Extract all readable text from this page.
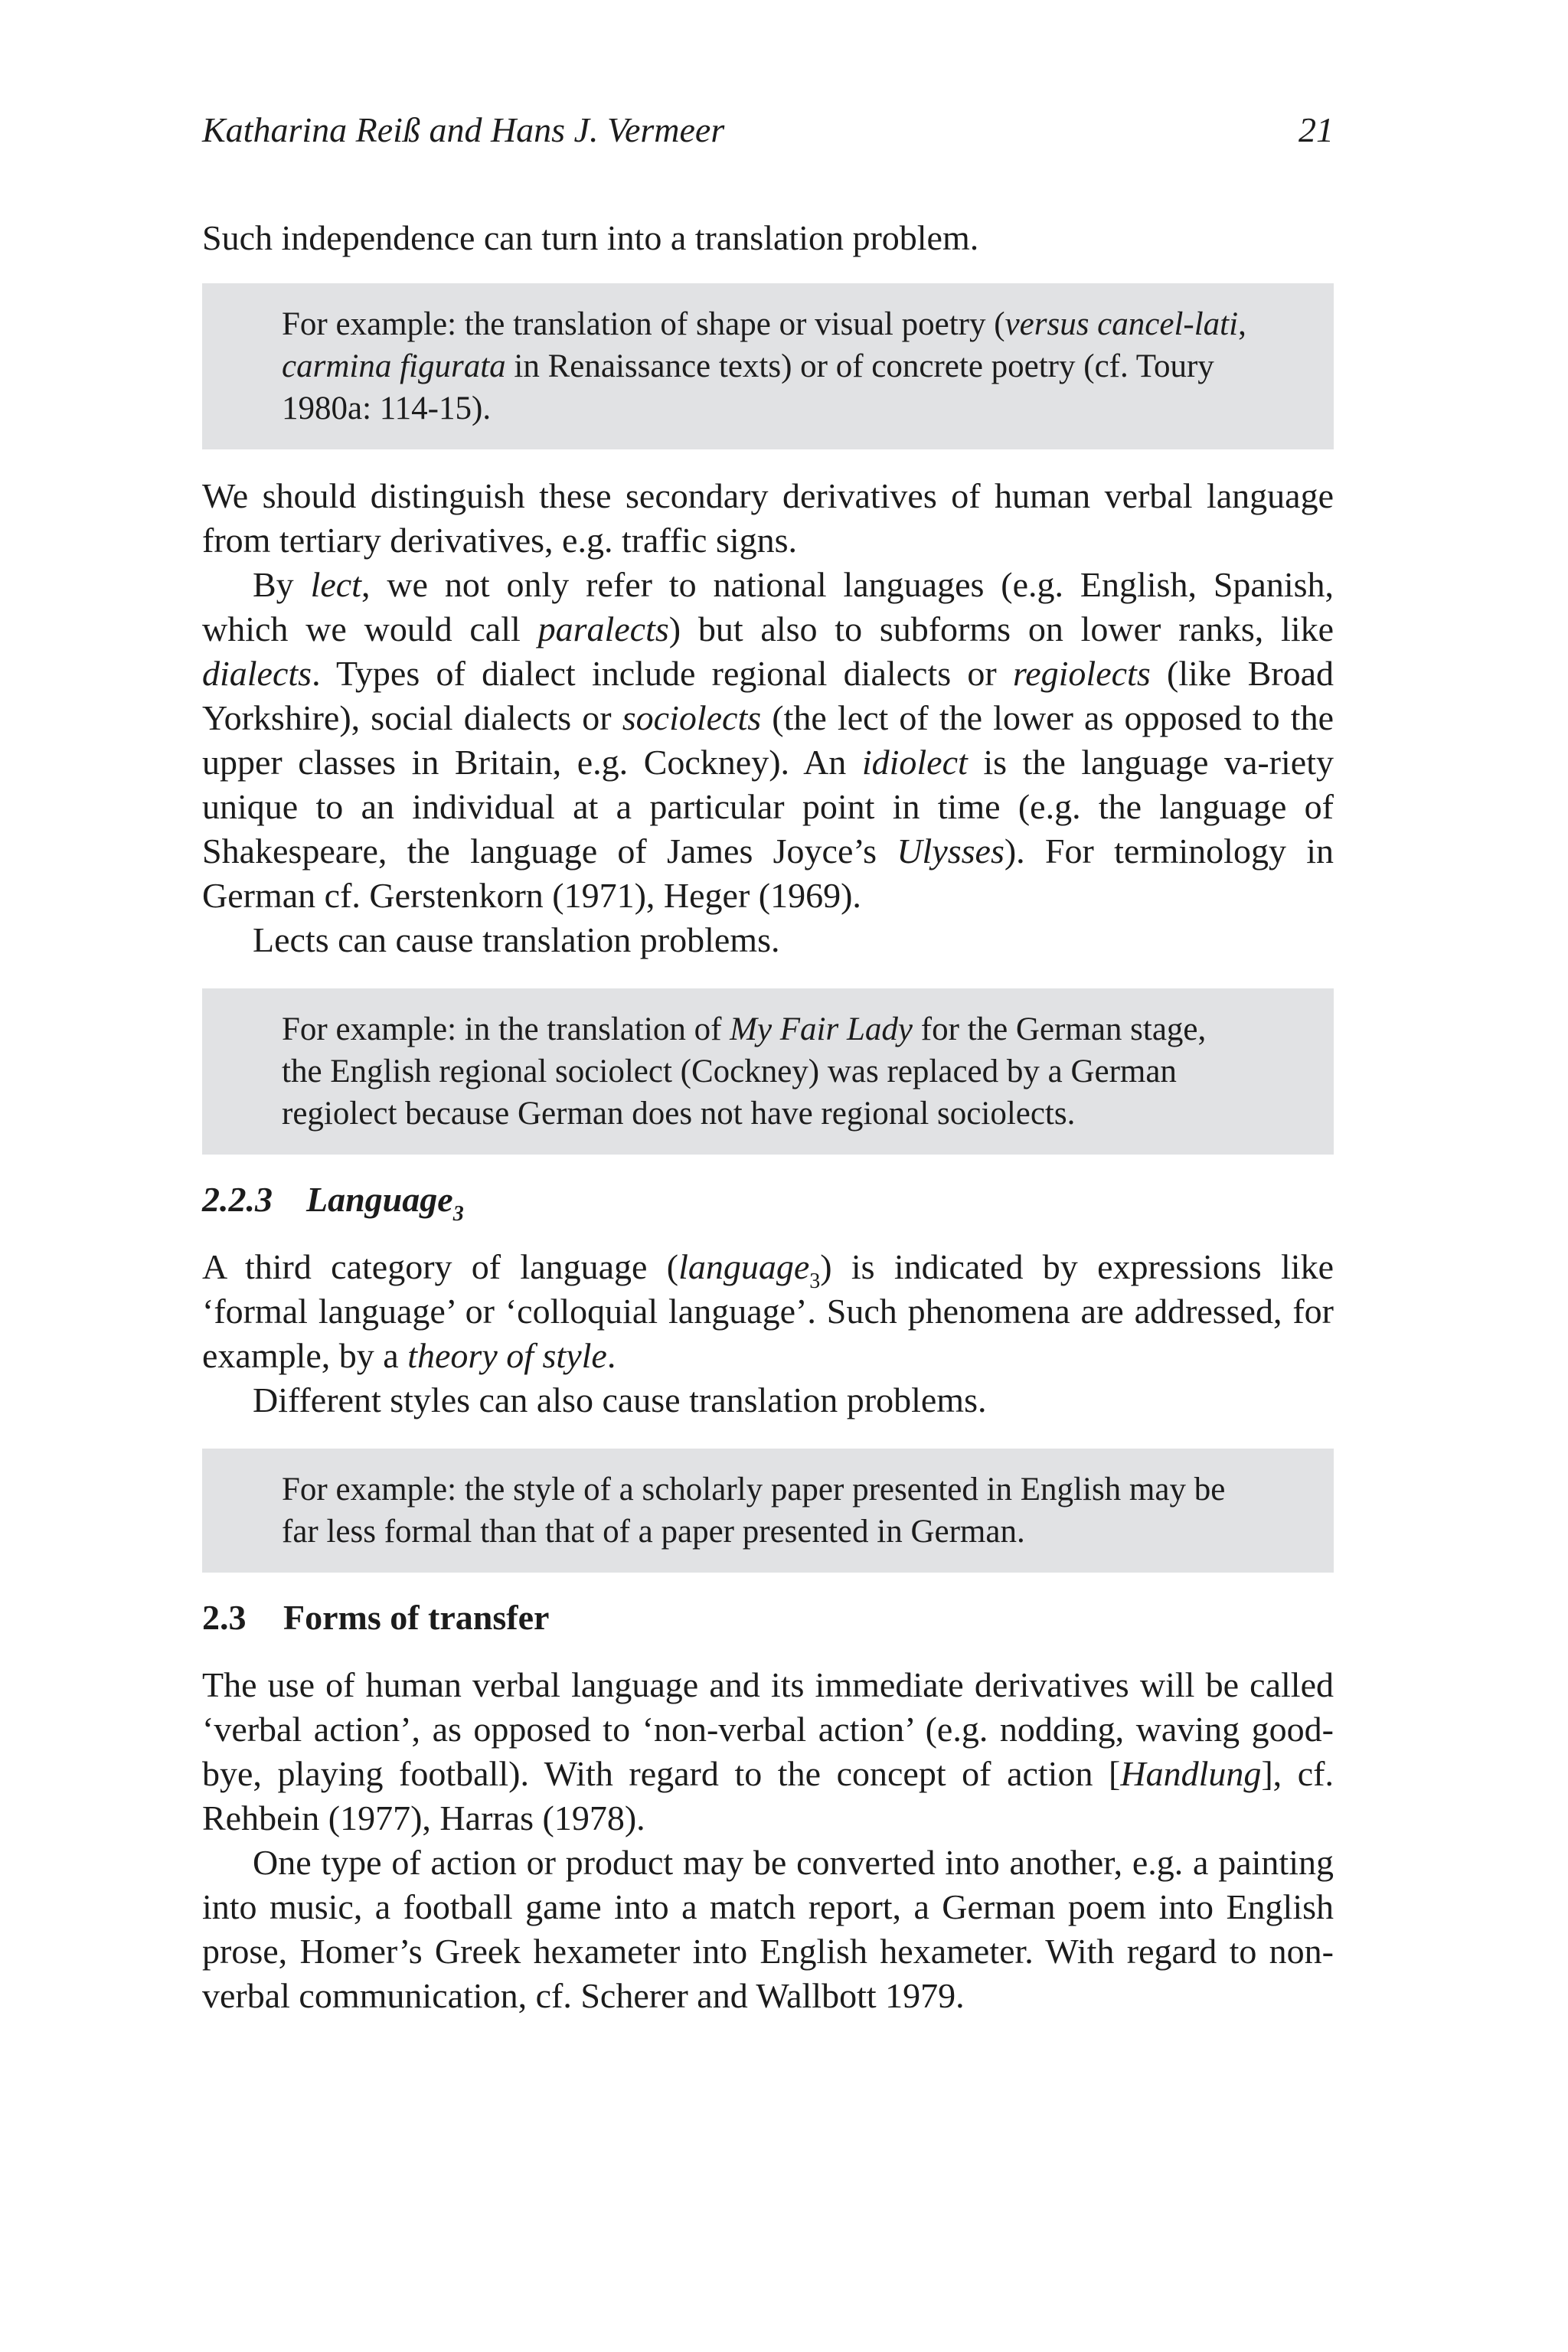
Katharina Reiß and Hans J. Vermeer	21

Such independence can turn into a translation problem.

For example: the translation of shape or visual poetry (versus cancel-lati, carmina figurata in Renaissance texts) or of concrete poetry (cf. Toury 1980a: 114-15).

We should distinguish these secondary derivatives of human verbal language from tertiary derivatives, e.g. traffic signs.

By lect, we not only refer to national languages (e.g. English, Spanish, which we would call paralects) but also to subforms on lower ranks, like dialects. Types of dialect include regional dialects or regiolects (like Broad Yorkshire), social dialects or sociolects (the lect of the lower as opposed to the upper classes in Britain, e.g. Cockney). An idiolect is the language va-riety unique to an individual at a particular point in time (e.g. the language of Shakespeare, the language of James Joyce’s Ulysses). For terminology in German cf. Gerstenkorn (1971), Heger (1969).

Lects can cause translation problems.

For example: in the translation of My Fair Lady for the German stage, the English regional sociolect (Cockney) was replaced by a German regiolect because German does not have regional sociolects.

2.2.3 Language$_3$

A third category of language (language$_3$) is indicated by expressions like ‘formal language’ or ‘colloquial language’. Such phenomena are addressed, for example, by a theory of style.

Different styles can also cause translation problems.

For example: the style of a scholarly paper presented in English may be far less formal than that of a paper presented in German.

2.3 Forms of transfer

The use of human verbal language and its immediate derivatives will be called ‘verbal action’, as opposed to ‘non-verbal action’ (e.g. nodding, waving good-bye, playing football). With regard to the concept of action [Handlung], cf. Rehbein (1977), Harras (1978).

One type of action or product may be converted into another, e.g. a painting into music, a football game into a match report, a German poem into English prose, Homer’s Greek hexameter into English hexameter. With regard to non-verbal communication, cf. Scherer and Wallbott 1979.
